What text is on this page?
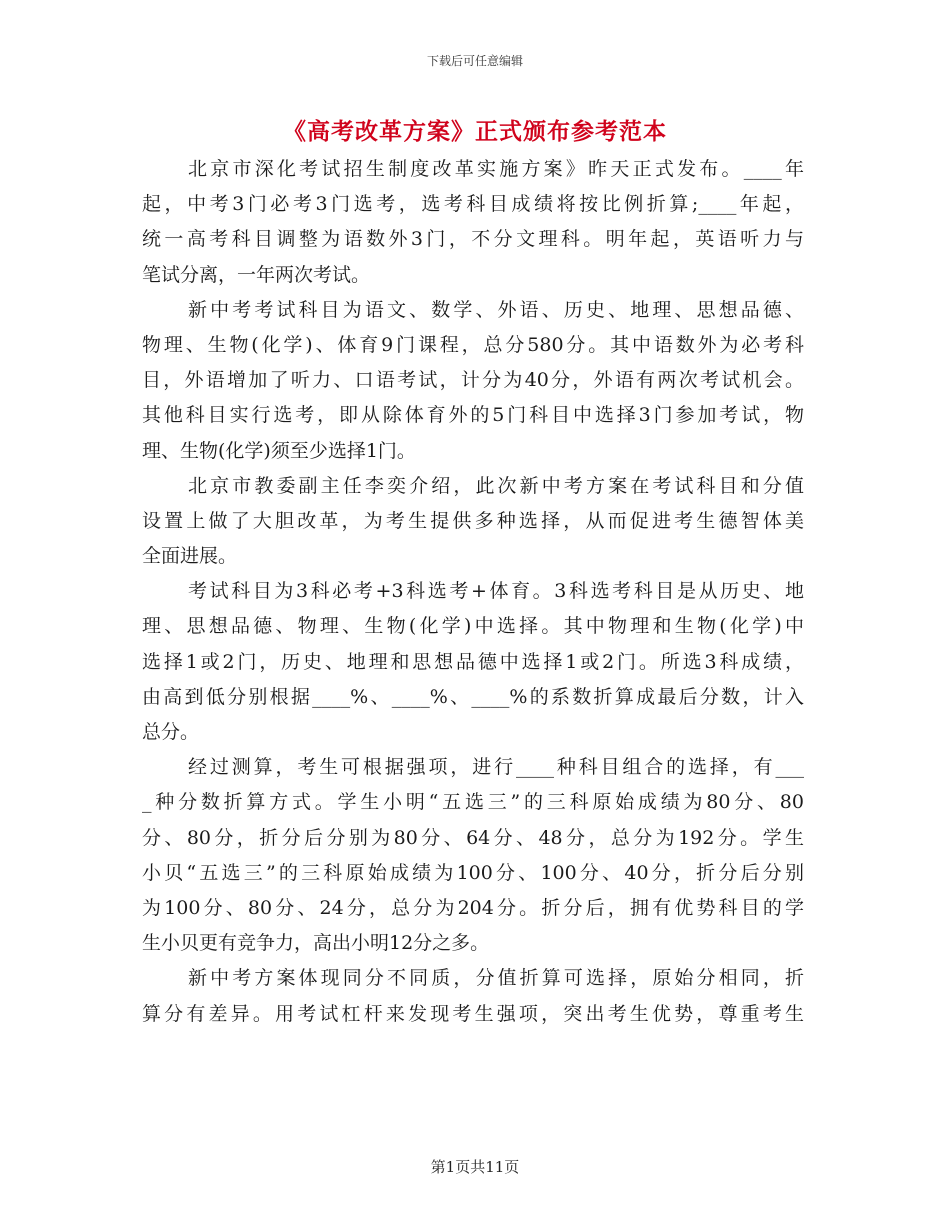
下载后可任意编辑
《高考改革方案》正式颁布参考范本
北京市深化考试招生制度改革实施方案》昨天正式发布。____年
起，中考3门必考3门选考，选考科目成绩将按比例折算;____年起，
统一高考科目调整为语数外3门，不分文理科。明年起，英语听力与
笔试分离，一年两次考试。
新中考考试科目为语文、数学、外语、历史、地理、思想品德、
物理、生物(化学)、体育9门课程，总分580分。其中语数外为必考科
目，外语增加了听力、口语考试，计分为40分，外语有两次考试机会。
其他科目实行选考，即从除体育外的5门科目中选择3门参加考试，物
理、生物(化学)须至少选择1门。
北京市教委副主任李奕介绍，此次新中考方案在考试科目和分值
设置上做了大胆改革，为考生提供多种选择，从而促进考生德智体美
全面进展。
考试科目为3科必考+3科选考+体育。3科选考科目是从历史、地
理、思想品德、物理、生物(化学)中选择。其中物理和生物(化学)中
选择1或2门，历史、地理和思想品德中选择1或2门。所选3科成绩，
由高到低分别根据____%、____%、____%的系数折算成最后分数，计入
总分。
经过测算，考生可根据强项，进行____种科目组合的选择，有___
_种分数折算方式。学生小明“五选三”的三科原始成绩为80分、80
分、80分，折分后分别为80分、64分、48分，总分为192分。学生
小贝“五选三”的三科原始成绩为100分、100分、40分，折分后分别
为100分、80分、24分，总分为204分。折分后，拥有优势科目的学
生小贝更有竞争力，高出小明12分之多。
新中考方案体现同分不同质，分值折算可选择，原始分相同，折
算分有差异。用考试杠杆来发现考生强项，突出考生优势，尊重考生
第1页共11页
